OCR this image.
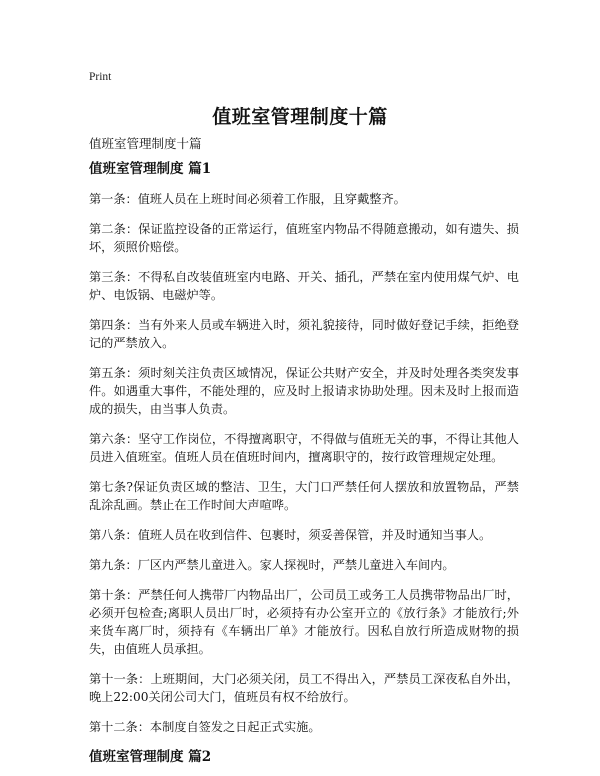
Print
值班室管理制度十篇
值班室管理制度十篇
值班室管理制度 篇1

第一条：值班人员在上班时间必须着工作服，且穿戴整齐。

第二条：保证监控设备的正常运行，值班室内物品不得随意搬动，如有遗失、损坏，须照价赔偿。

第三条：不得私自改装值班室内电路、开关、插孔，严禁在室内使用煤气炉、电炉、电饭锅、电磁炉等。

第四条：当有外来人员或车辆进入时，须礼貌接待，同时做好登记手续，拒绝登记的严禁放入。

第五条：须时刻关注负责区域情况，保证公共财产安全，并及时处理各类突发事件。如遇重大事件，不能处理的，应及时上报请求协助处理。因未及时上报而造成的损失，由当事人负责。

第六条：坚守工作岗位，不得擅离职守，不得做与值班无关的事，不得让其他人员进入值班室。值班人员在值班时间内，擅离职守的，按行政管理规定处理。

第七条?保证负责区域的整洁、卫生，大门口严禁任何人摆放和放置物品，严禁乱涂乱画。禁止在工作时间大声喧哗。

第八条：值班人员在收到信件、包裹时，须妥善保管，并及时通知当事人。

第九条：厂区内严禁儿童进入。家人探视时，严禁儿童进入车间内。

第十条：严禁任何人携带厂内物品出厂，公司员工或务工人员携带物品出厂时，必须开包检查;离职人员出厂时，必须持有办公室开立的《放行条》才能放行;外来货车离厂时，须持有《车辆出厂单》才能放行。因私自放行所造成财物的损失，由值班人员承担。

第十一条：上班期间，大门必须关闭，员工不得出入，严禁员工深夜私自外出，晚上22:00关闭公司大门，值班员有权不给放行。

第十二条：本制度自签发之日起正式实施。

值班室管理制度 篇2
